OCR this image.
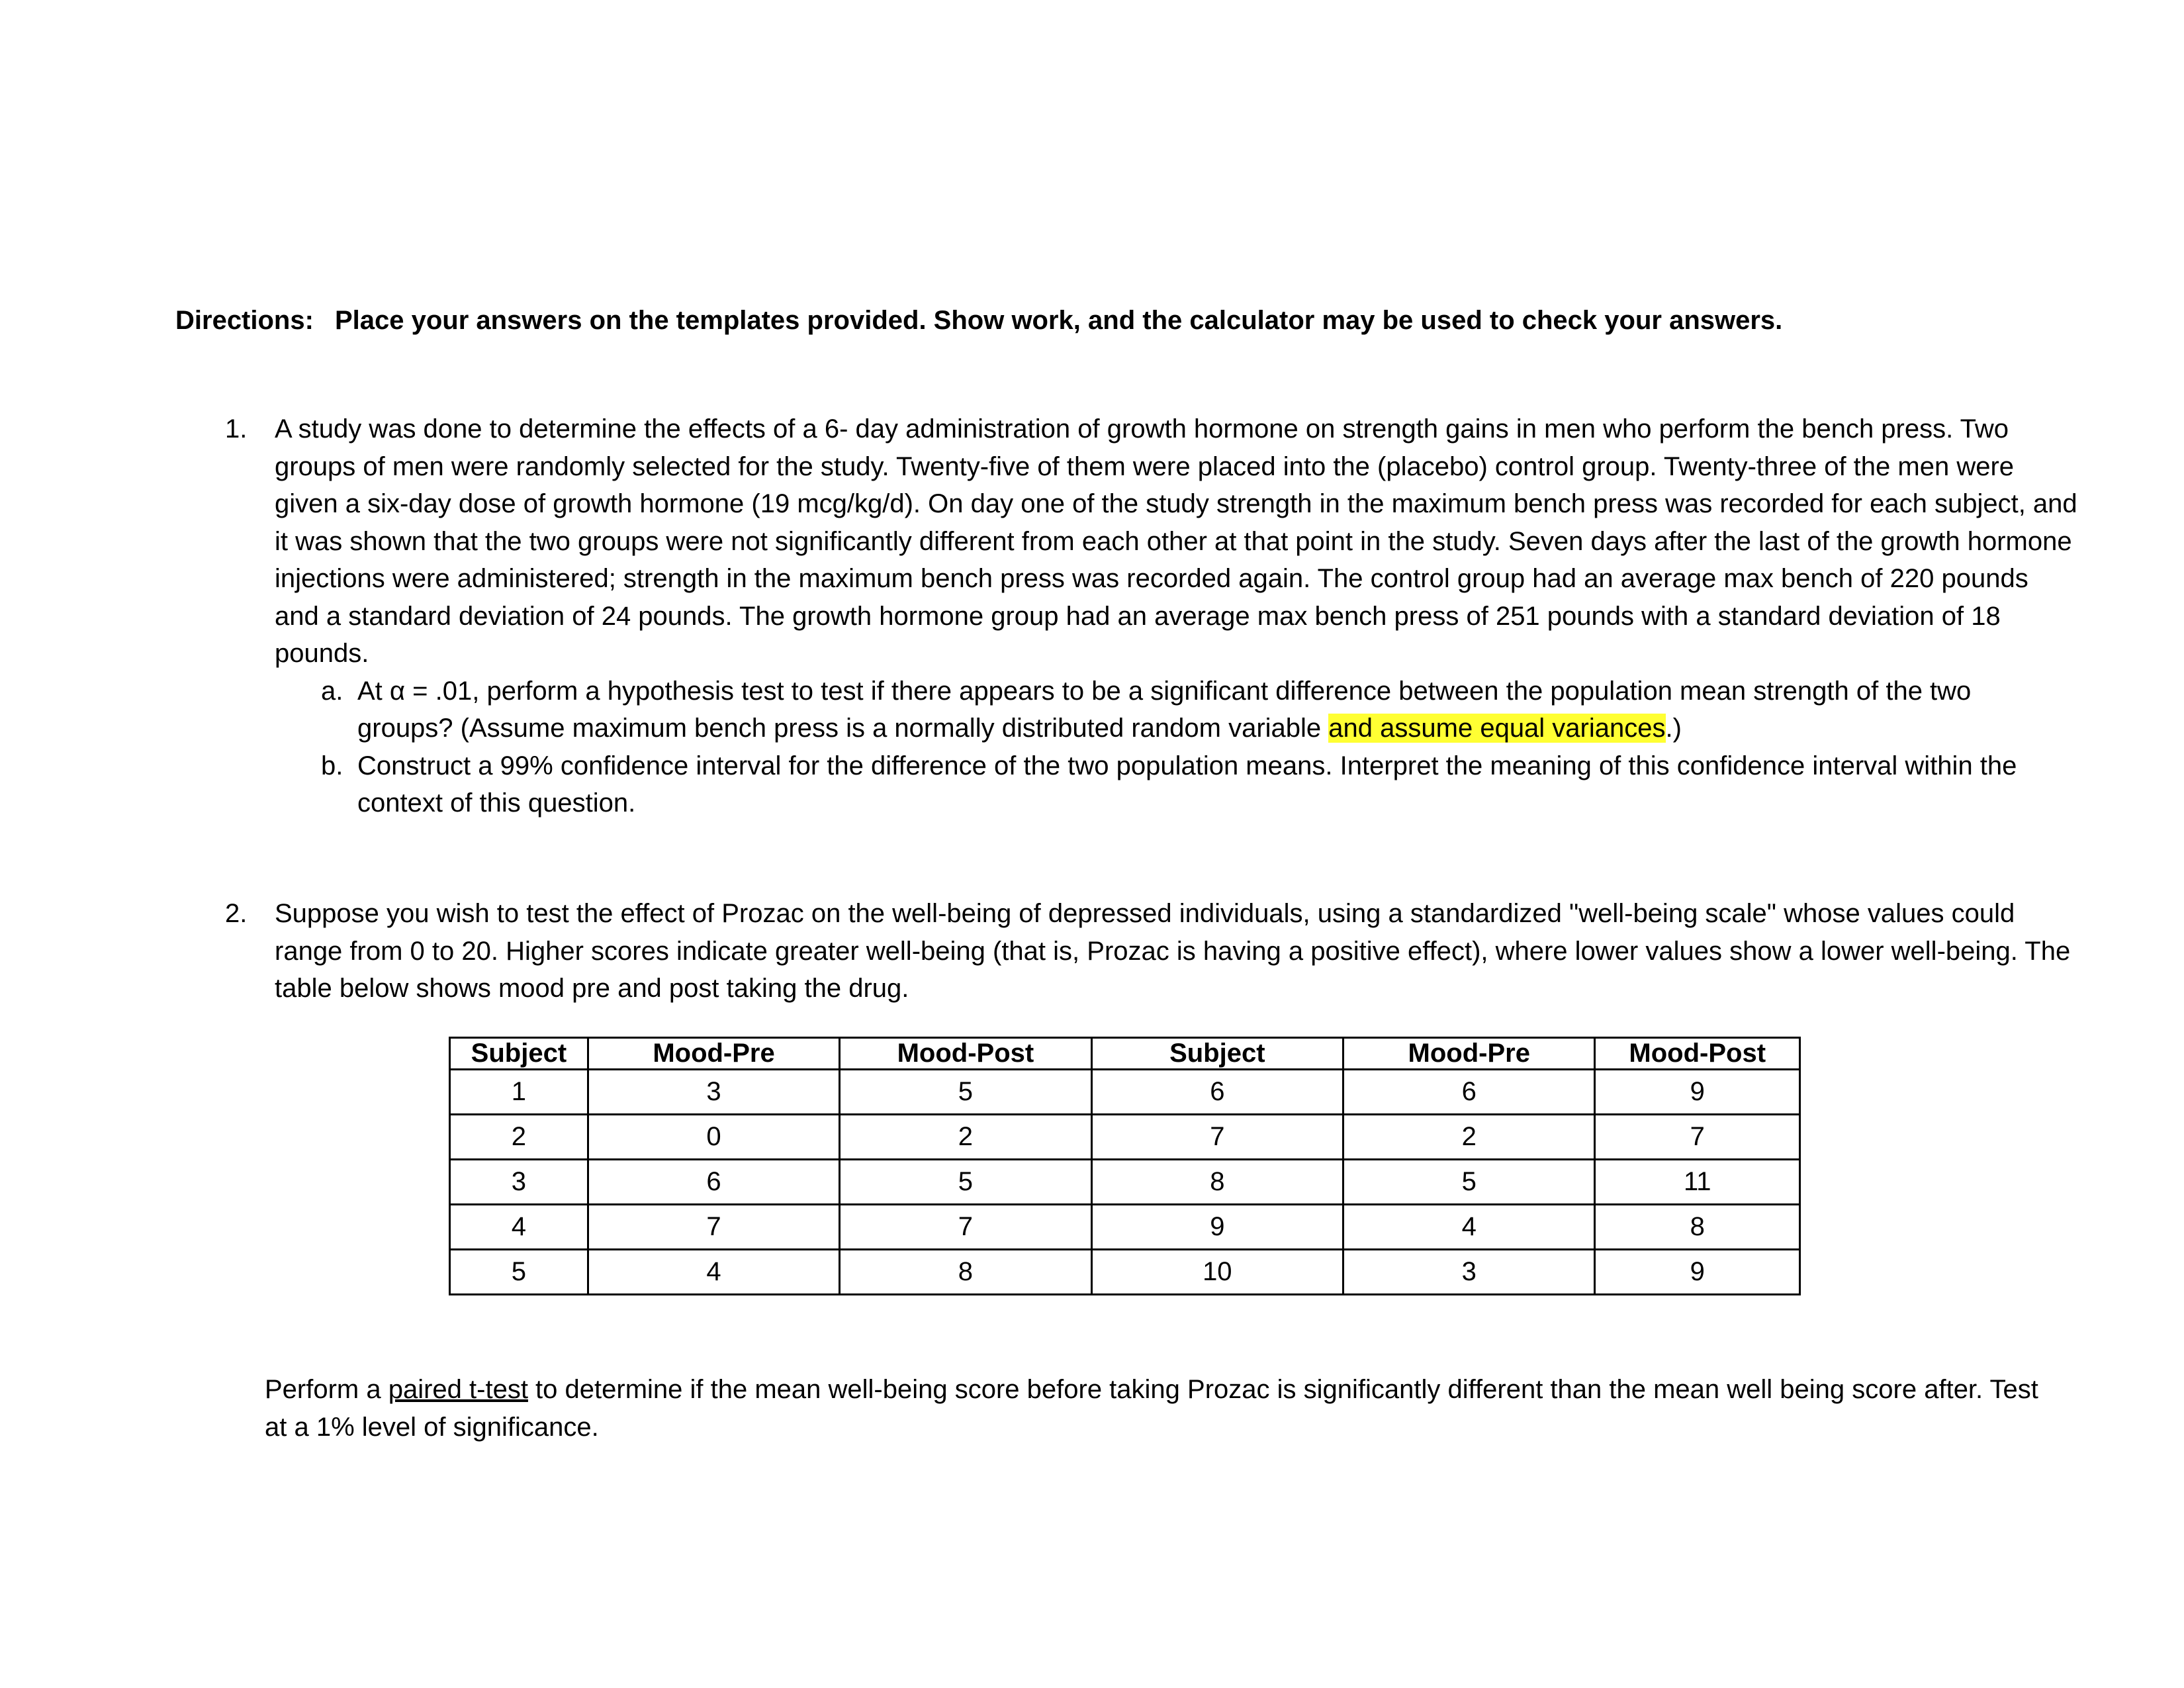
Directions: Place your answers on the templates provided. Show work, and the calculator may be used to check your answers.
1. A study was done to determine the effects of a 6- day administration of growth hormone on strength gains in men who perform the bench press. Two groups of men were randomly selected for the study. Twenty-five of them were placed into the (placebo) control group. Twenty-three of the men were given a six-day dose of growth hormone (19 mcg/kg/d). On day one of the study strength in the maximum bench press was recorded for each subject, and it was shown that the two groups were not significantly different from each other at that point in the study. Seven days after the last of the growth hormone injections were administered; strength in the maximum bench press was recorded again. The control group had an average max bench of 220 pounds and a standard deviation of 24 pounds. The growth hormone group had an average max bench press of 251 pounds with a standard deviation of 18 pounds.
a. At α = .01, perform a hypothesis test to test if there appears to be a significant difference between the population mean strength of the two groups? (Assume maximum bench press is a normally distributed random variable and assume equal variances.)
b. Construct a 99% confidence interval for the difference of the two population means. Interpret the meaning of this confidence interval within the context of this question.
2. Suppose you wish to test the effect of Prozac on the well-being of depressed individuals, using a standardized "well-being scale" whose values could range from 0 to 20. Higher scores indicate greater well-being (that is, Prozac is having a positive effect), where lower values show a lower well-being. The table below shows mood pre and post taking the drug.
Subject	Mood-Pre	Mood-Post	Subject	Mood-Pre	Mood-Post
1	3	5	6	6	9
2	0	2	7	2	7
3	6	5	8	5	11
4	7	7	9	4	8
5	4	8	10	3	9
Perform a paired t-test to determine if the mean well-being score before taking Prozac is significantly different than the mean well being score after. Test at a 1% level of significance.
